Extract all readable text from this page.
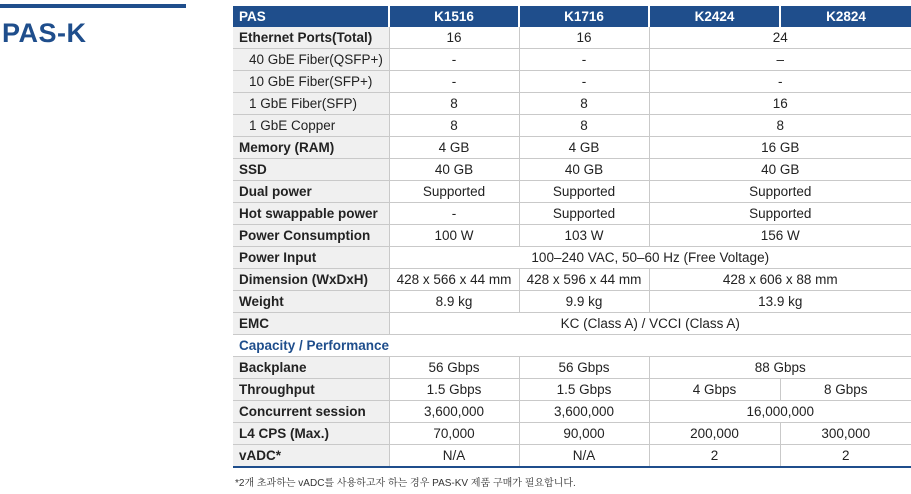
PAS-K
PAS	K1516	K1716	K2424	K2824
Ethernet Ports(Total)	16	16	24	
40 GbE Fiber(QSFP+)	-	-	–	
10 GbE Fiber(SFP+)	-	-	-	
1 GbE Fiber(SFP)	8	8	16	
1 GbE Copper	8	8	8	
Memory (RAM)	4 GB	4 GB	16 GB	
SSD	40 GB	40 GB	40 GB	
Dual power	Supported	Supported	Supported	
Hot swappable power	-	Supported	Supported	
Power Consumption	100 W	103 W	156 W	
Power Input	100–240 VAC, 50–60 Hz (Free Voltage)			
Dimension (WxDxH)	428 x 566 x 44 mm	428 x 596 x 44 mm	428 x 606 x 88 mm	
Weight	8.9 kg	9.9 kg	13.9 kg	
EMC	KC (Class A) / VCCI (Class A)			
Capacity / Performance				
Backplane	56 Gbps	56 Gbps	88 Gbps	
Throughput	1.5 Gbps	1.5 Gbps	4 Gbps	8 Gbps
Concurrent session	3,600,000	3,600,000	16,000,000	
L4 CPS (Max.)	70,000	90,000	200,000	300,000
vADC*	N/A	N/A	2	2
*2개 초과하는 vADC를 사용하고자 하는 경우 PAS-KV 제품 구매가 필요합니다.
